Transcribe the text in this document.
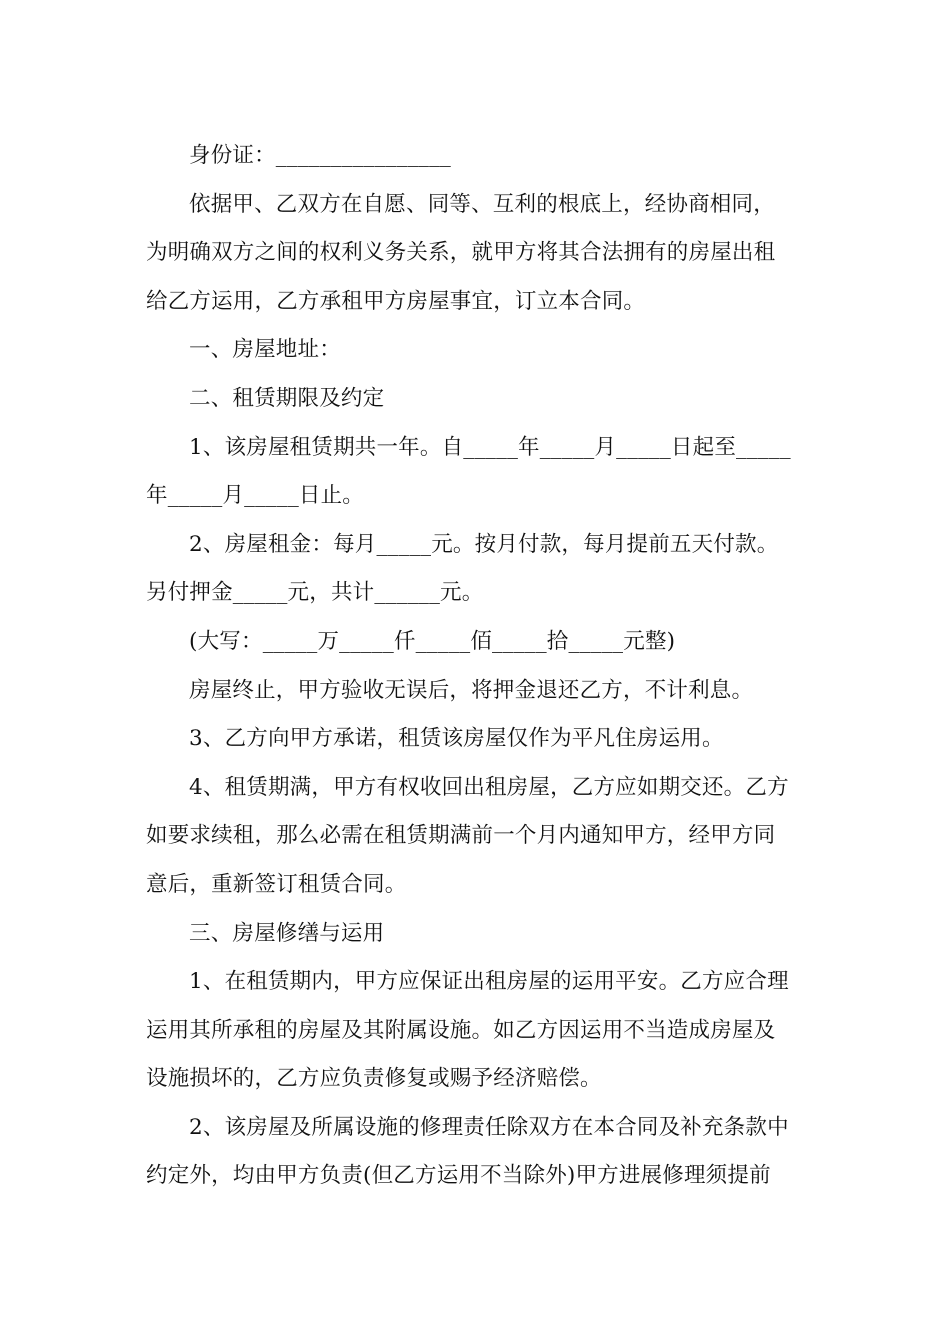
身份证：________________
依据甲、乙双方在自愿、同等、互利的根底上，经协商相同，
为明确双方之间的权利义务关系，就甲方将其合法拥有的房屋出租
给乙方运用，乙方承租甲方房屋事宜，订立本合同。
一、房屋地址：
二、租赁期限及约定
1、该房屋租赁期共一年。自_____年_____月_____日起至_____
年_____月_____日止。
2、房屋租金：每月_____元。按月付款，每月提前五天付款。
另付押金_____元，共计______元。
(大写：_____万_____仟_____佰_____拾_____元整)
房屋终止，甲方验收无误后，将押金退还乙方，不计利息。
3、乙方向甲方承诺，租赁该房屋仅作为平凡住房运用。
4、租赁期满，甲方有权收回出租房屋，乙方应如期交还。乙方
如要求续租，那么必需在租赁期满前一个月内通知甲方，经甲方同
意后，重新签订租赁合同。
三、房屋修缮与运用
1、在租赁期内，甲方应保证出租房屋的运用平安。乙方应合理
运用其所承租的房屋及其附属设施。如乙方因运用不当造成房屋及
设施损坏的，乙方应负责修复或赐予经济赔偿。
2、该房屋及所属设施的修理责任除双方在本合同及补充条款中
约定外，均由甲方负责(但乙方运用不当除外)甲方进展修理须提前
